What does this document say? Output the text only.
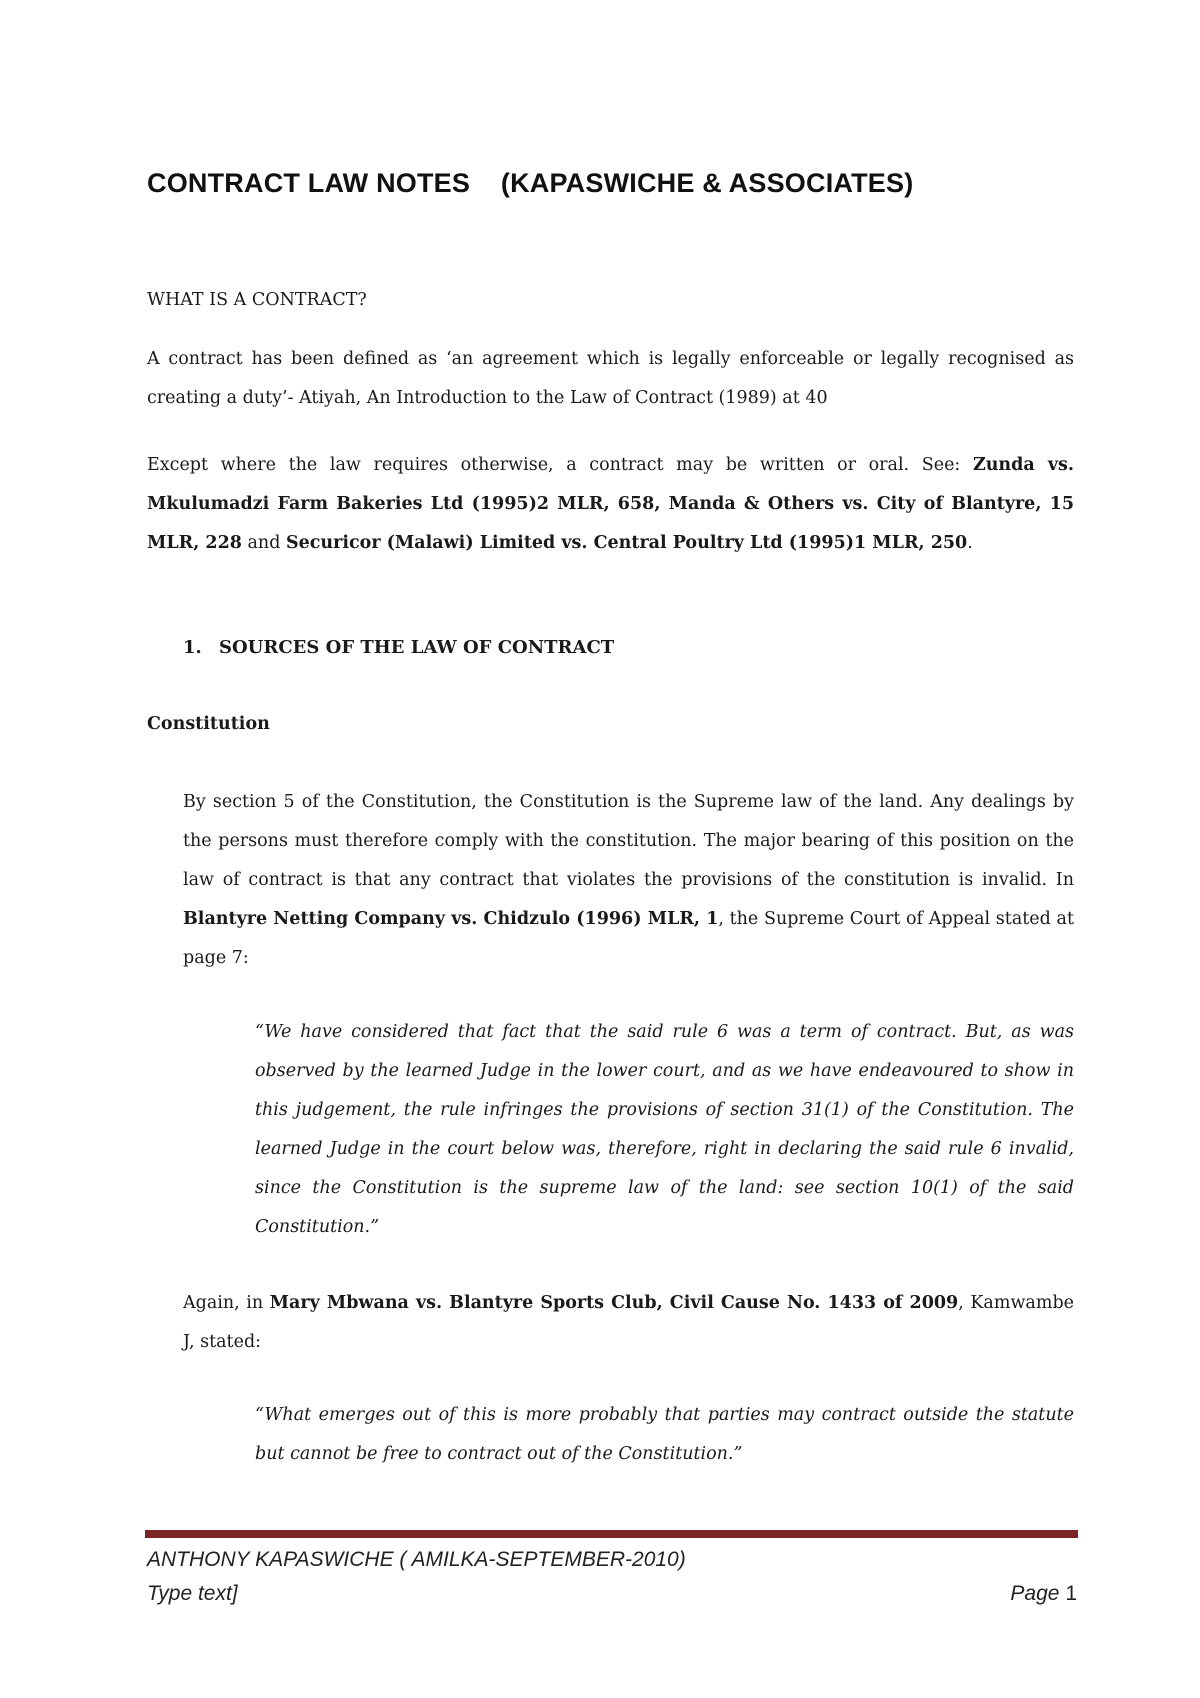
CONTRACT LAW NOTES    (KAPASWICHE & ASSOCIATES)

WHAT IS A CONTRACT?

A contract has been defined as ‘an agreement which is legally enforceable or legally recognised as
creating a duty’- Atiyah, An Introduction to the Law of Contract (1989) at 40

Except where the law requires otherwise, a contract may be written or oral. See: Zunda vs. Mkulumadzi Farm Bakeries Ltd (1995)2 MLR, 658, Manda & Others vs. City of Blantyre, 15 MLR, 228 and Securicor (Malawi) Limited vs. Central Poultry Ltd (1995)1 MLR, 250.

1. SOURCES OF THE LAW OF CONTRACT

Constitution

By section 5 of the Constitution, the Constitution is the Supreme law of the land. Any dealings by the persons must therefore comply with the constitution. The major bearing of this position on the law of contract is that any contract that violates the provisions of the constitution is invalid. In Blantyre Netting Company vs. Chidzulo (1996) MLR, 1, the Supreme Court of Appeal stated at page 7:

“We have considered that fact that the said rule 6 was a term of contract. But, as was observed by the learned Judge in the lower court, and as we have endeavoured to show in this judgement, the rule infringes the provisions of section 31(1) of the Constitution. The learned Judge in the court below was, therefore, right in declaring the said rule 6 invalid, since the Constitution is the supreme law of the land: see section 10(1) of the said Constitution.”

Again, in Mary Mbwana vs. Blantyre Sports Club, Civil Cause No. 1433 of 2009, Kamwambe J, stated:

“What emerges out of this is more probably that parties may contract outside the statute but cannot be free to contract out of the Constitution.”

ANTHONY KAPASWICHE ( AMILKA-SEPTEMBER-2010)
Type text]	Page 1
